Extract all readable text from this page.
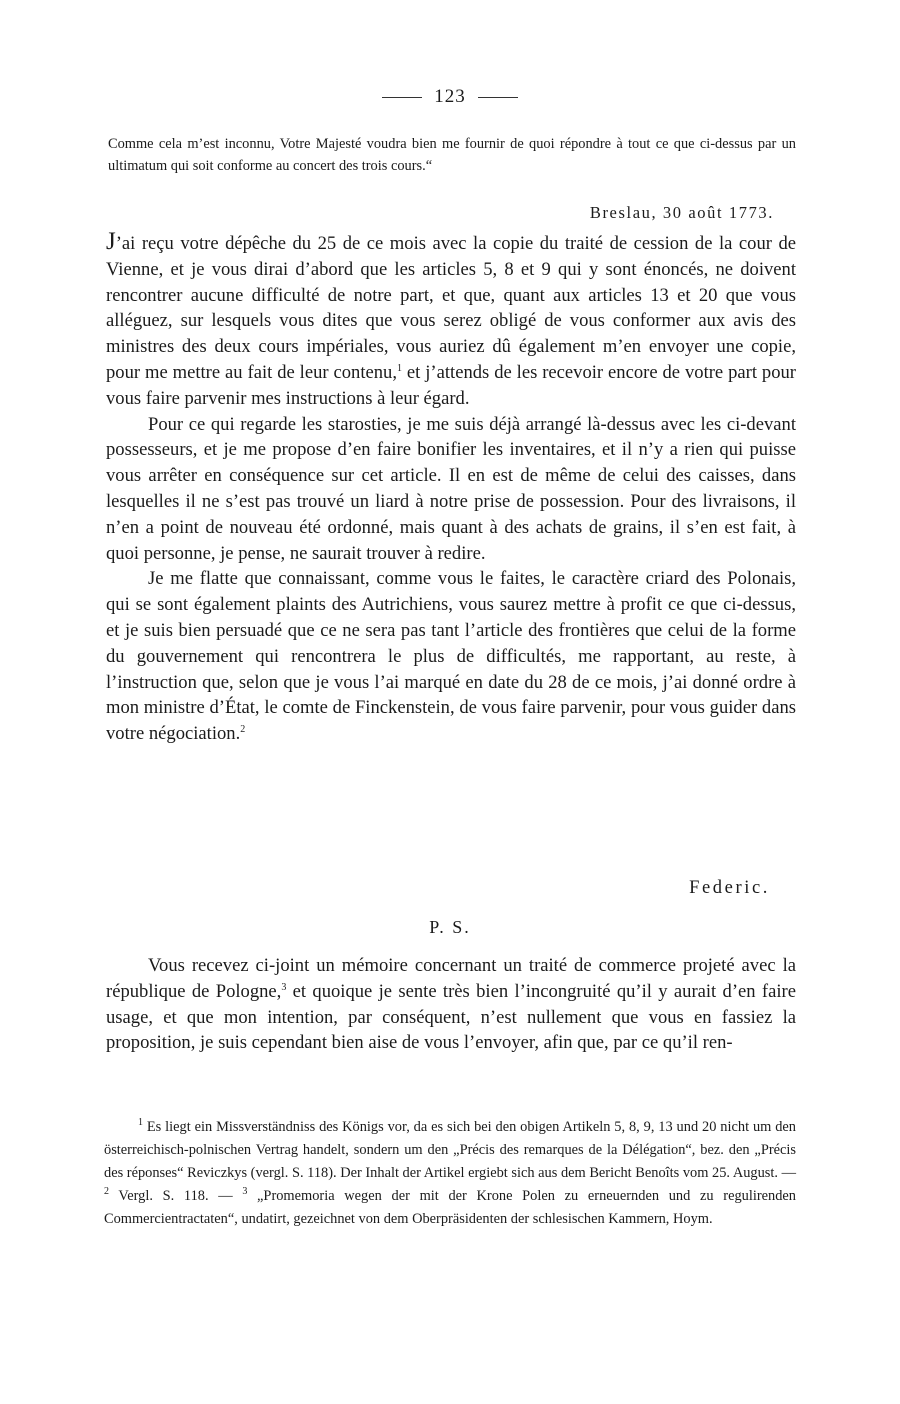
123
Comme cela m’est inconnu, Votre Majesté voudra bien me fournir de quoi répondre à tout ce que ci-dessus par un ultimatum qui soit conforme au concert des trois cours.“
Breslau, 30 août 1773.

J’ai reçu votre dépêche du 25 de ce mois avec la copie du traité de cession de la cour de Vienne, et je vous dirai d’abord que les articles 5, 8 et 9 qui y sont énoncés, ne doivent rencontrer aucune difficulté de notre part, et que, quant aux articles 13 et 20 que vous alléguez, sur lesquels vous dites que vous serez obligé de vous conformer aux avis des ministres des deux cours impériales, vous auriez dû également m’en envoyer une copie, pour me mettre au fait de leur contenu,$^1$ et j’attends de les recevoir encore de votre part pour vous faire parvenir mes instructions à leur égard.

Pour ce qui regarde les starosties, je me suis déjà arrangé là-dessus avec les ci-devant possesseurs, et je me propose d’en faire bonifier les inventaires, et il n’y a rien qui puisse vous arrêter en conséquence sur cet article. Il en est de même de celui des caisses, dans lesquelles il ne s’est pas trouvé un liard à notre prise de possession. Pour des livraisons, il n’en a point de nouveau été ordonné, mais quant à des achats de grains, il s’en est fait, à quoi personne, je pense, ne saurait trouver à redire.

Je me flatte que connaissant, comme vous le faites, le caractère criard des Polonais, qui se sont également plaints des Autrichiens, vous saurez mettre à profit ce que ci-dessus, et je suis bien persuadé que ce ne sera pas tant l’article des frontières que celui de la forme du gouvernement qui rencontrera le plus de difficultés, me rapportant, au reste, à l’instruction que, selon que je vous l’ai marqué en date du 28 de ce mois, j’ai donné ordre à mon ministre d’État, le comte de Finckenstein, de vous faire parvenir, pour vous guider dans votre négociation.$^2$

Federic.
P. S.

Vous recevez ci-joint un mémoire concernant un traité de commerce projeté avec la république de Pologne,$^3$ et quoique je sente très bien l’incongruité qu’il y aurait d’en faire usage, et que mon intention, par conséquent, n’est nullement que vous en fassiez la proposition, je suis cependant bien aise de vous l’envoyer, afin que, par ce qu’il ren-

$^1$ Es liegt ein Missverständniss des Königs vor, da es sich bei den obigen Artikeln 5, 8, 9, 13 und 20 nicht um den österreichisch-polnischen Vertrag handelt, sondern um den „Précis des remarques de la Délégation“, bez. den „Précis des réponses“ Reviczkys (vergl. S. 118). Der Inhalt der Artikel ergiebt sich aus dem Bericht Benoîts vom 25. August. — $^2$ Vergl. S. 118. — $^3$ „Promemoria wegen der mit der Krone Polen zu erneuernden und zu regulirenden Commercientractaten“, undatirt, gezeichnet von dem Oberpräsidenten der schlesischen Kammern, Hoym.
